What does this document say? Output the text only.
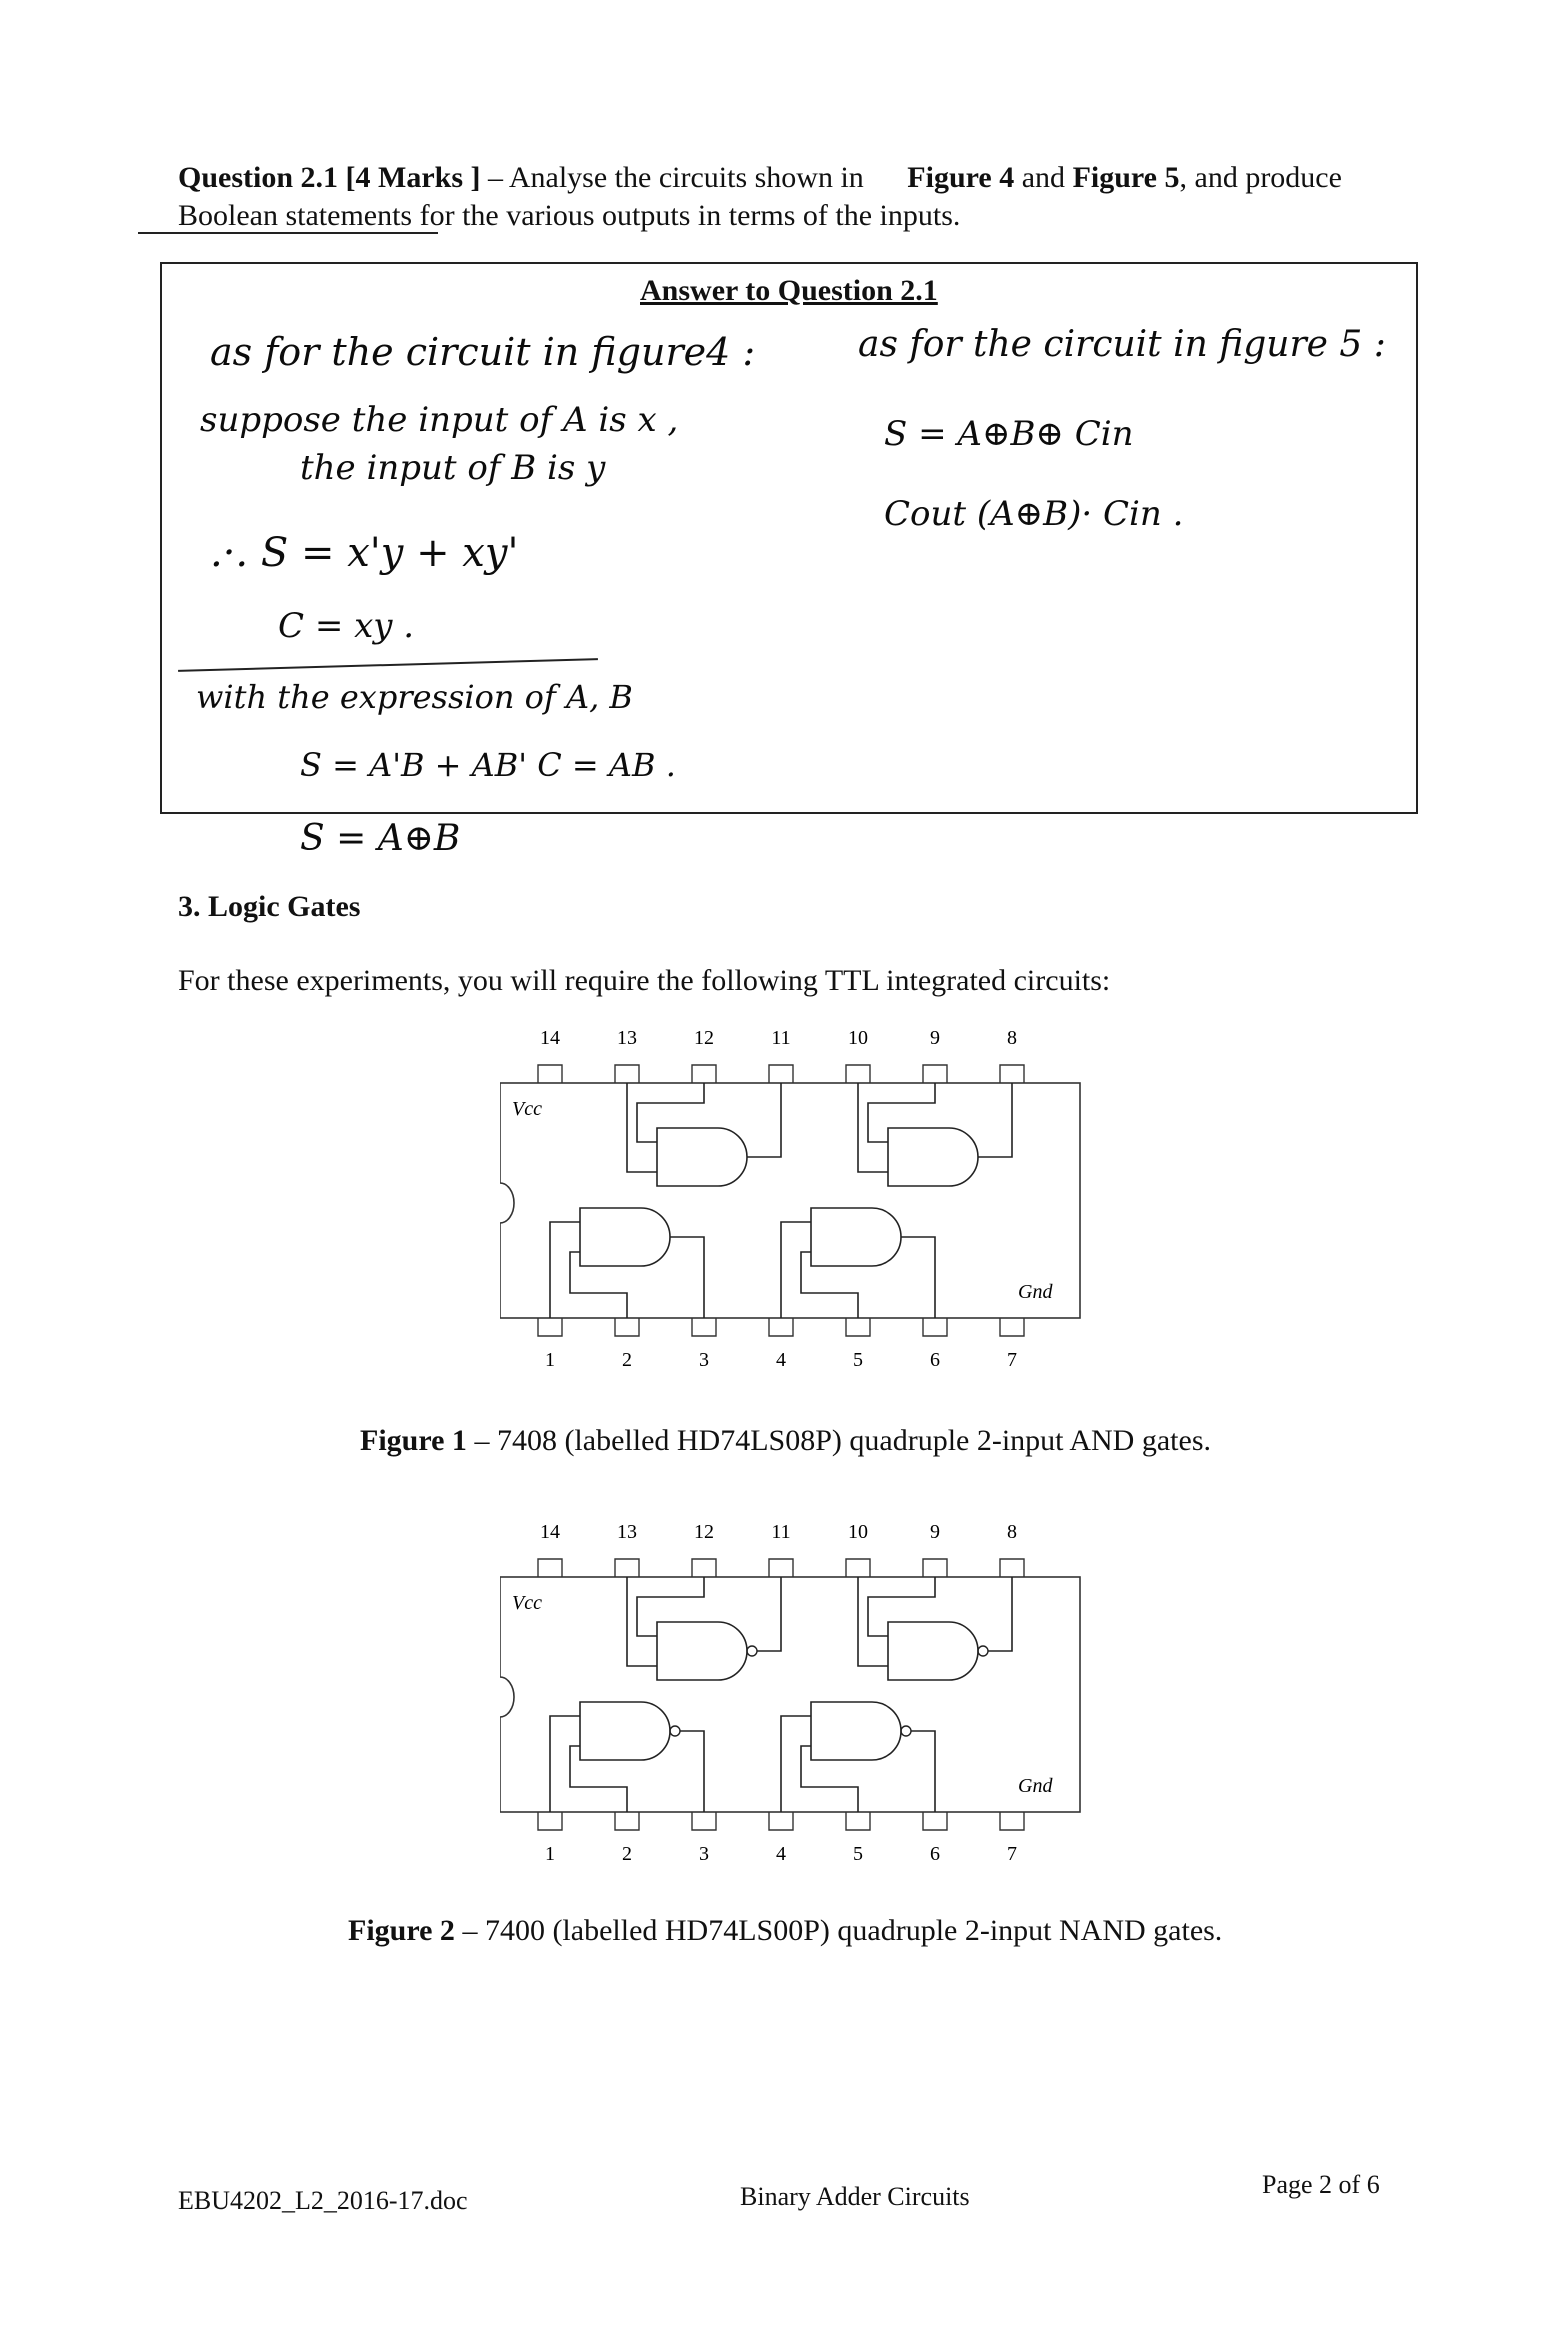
Question 2.1 [4 Marks ] – Analyse the circuits shown in Figure 4 and Figure 5, and produce
Boolean statements for the various outputs in terms of the inputs.
Answer to Question 2.1
as for the circuit in figure4 :
suppose the input of A is x ,
the input of B is y
.·. S = x'y + xy'
C = xy .
with the expression of A, B
S = A'B + AB' C = AB .
as for the circuit in figure 5 :
S = A⊕B⊕ Cin
Cout (A⊕B)· Cin .
S = A⊕B
3. Logic Gates
For these experiments, you will require the following TTL integrated circuits:
14	13	12	11	10	9	8
1	2	3	4	5	6	7
Vcc
Gnd
Figure 1 – 7408 (labelled HD74LS08P) quadruple 2-input AND gates.
14	13	12	11	10	9	8
1	2	3	4	5	6	7
Vcc
Gnd
Figure 2 – 7400 (labelled HD74LS00P) quadruple 2-input NAND gates.
EBU4202_L2_2016-17.doc	Binary Adder Circuits	Page 2 of 6
